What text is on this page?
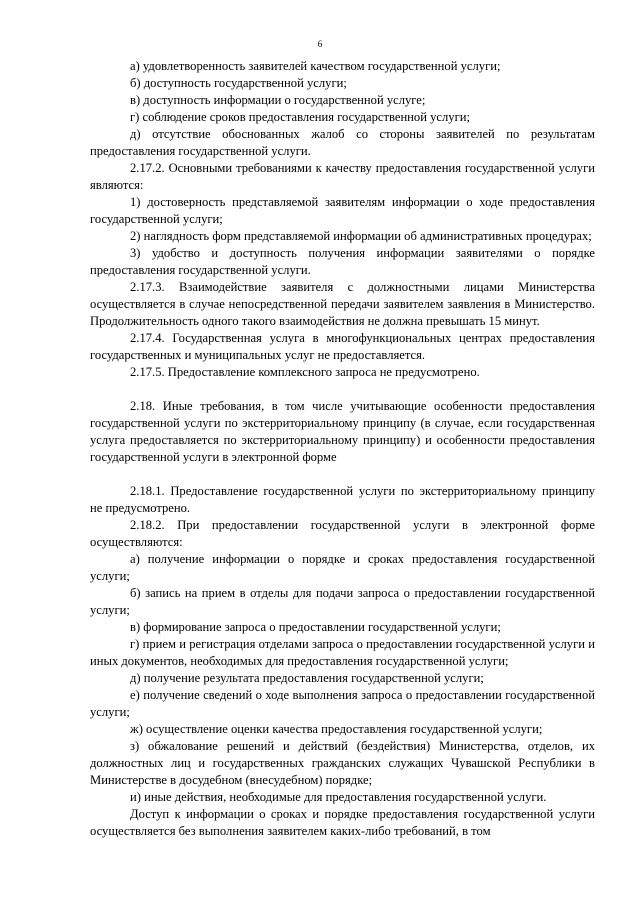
6

а) удовлетворенность заявителей качеством государственной услуги;

б) доступность государственной услуги;

в) доступность информации о государственной услуге;

г) соблюдение сроков предоставления государственной услуги;

д) отсутствие обоснованных жалоб со стороны заявителей по результатам предоставления государственной услуги.

2.17.2. Основными требованиями к качеству предоставления государственной услуги являются:

1) достоверность представляемой заявителям информации о ходе предоставления государственной услуги;

2) наглядность форм представляемой информации об административных процедурах;

3) удобство и доступность получения информации заявителями о порядке предоставления государственной услуги.

2.17.3. Взаимодействие заявителя с должностными лицами Министерства осуществляется в случае непосредственной передачи заявителем заявления в Министерство. Продолжительность одного такого взаимодействия не должна превышать 15 минут.

2.17.4. Государственная услуга в многофункциональных центрах предоставления государственных и муниципальных услуг не предоставляется.

2.17.5. Предоставление комплексного запроса не предусмотрено.

2.18. Иные требования, в том числе учитывающие особенности предоставления государственной услуги по экстерриториальному принципу (в случае, если государственная услуга предоставляется по экстерриториальному принципу) и особенности предоставления государственной услуги в электронной форме

2.18.1. Предоставление государственной услуги по экстерриториальному принципу не предусмотрено.

2.18.2. При предоставлении государственной услуги в электронной форме осуществляются:

а) получение информации о порядке и сроках предоставления государственной услуги;

б) запись на прием в отделы для подачи запроса о предоставлении государственной услуги;

в) формирование запроса о предоставлении государственной услуги;

г) прием и регистрация отделами запроса о предоставлении государственной услуги и иных документов, необходимых для предоставления государственной услуги;

д) получение результата предоставления государственной услуги;

е) получение сведений о ходе выполнения запроса о предоставлении государственной услуги;

ж) осуществление оценки качества предоставления государственной услуги;

з) обжалование решений и действий (бездействия) Министерства, отделов, их должностных лиц и государственных гражданских служащих Чувашской Республики в Министерстве в досудебном (внесудебном) порядке;

и) иные действия, необходимые для предоставления государственной услуги.

Доступ к информации о сроках и порядке предоставления государственной услуги осуществляется без выполнения заявителем каких-либо требований, в том
